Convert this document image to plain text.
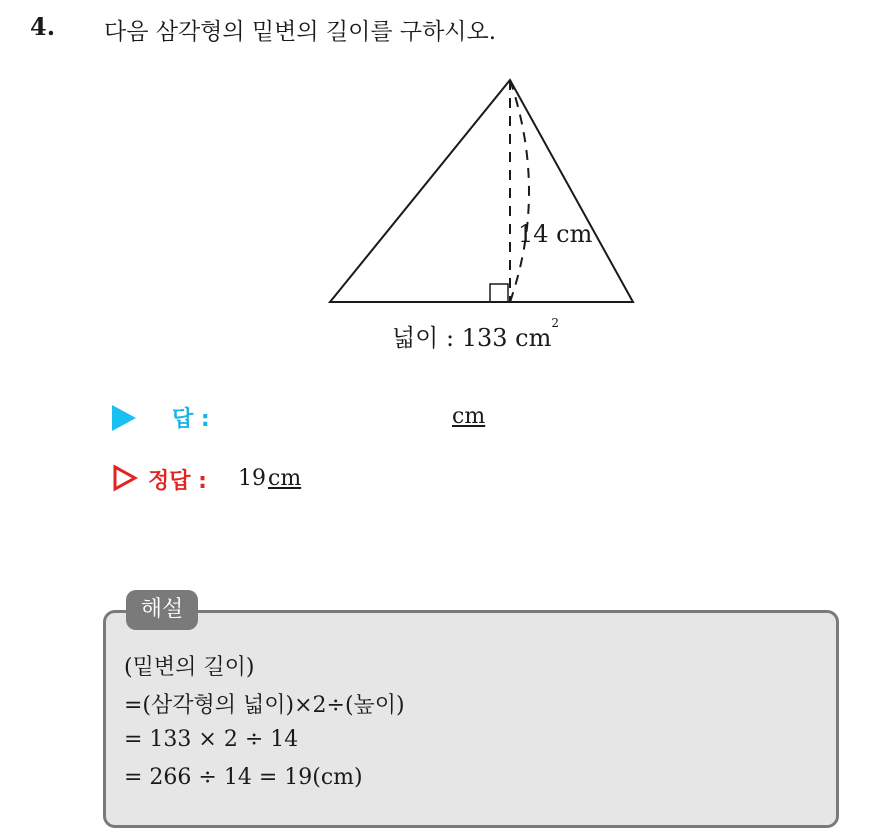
4. 다음 삼각형의 밑변의 길이를 구하시오.
14 cm
넓이 : 133 $cm^2$
답 :	cm
정답 : 19cm
해설
(밑변의 길이)
=(삼각형의 넓이)×2÷(높이)
= 133 × 2 ÷ 14
= 266 ÷ 14 = 19(cm)
